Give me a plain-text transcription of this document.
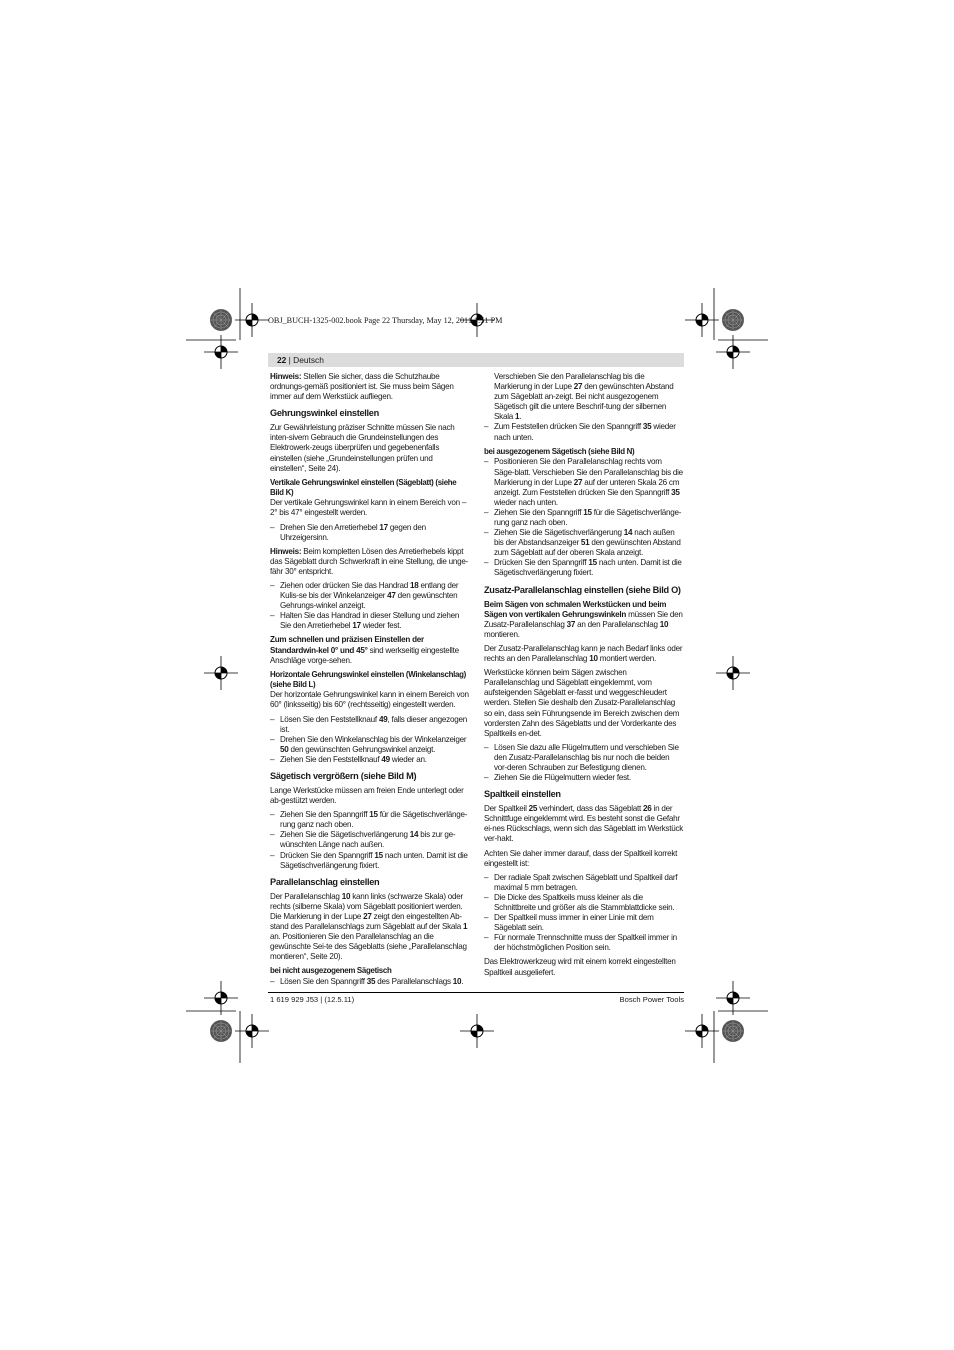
OBJ_BUCH-1325-002.book Page 22 Thursday, May 12, 2011 1:51 PM
22 | Deutsch

Hinweis: Stellen Sie sicher, dass die Schutzhaube ordnungs-gemäß positioniert ist. Sie muss beim Sägen immer auf dem Werkstück aufliegen.

Gehrungswinkel einstellen

Zur Gewährleistung präziser Schnitte müssen Sie nach inten-sivem Gebrauch die Grundeinstellungen des Elektrowerk-zeugs überprüfen und gegebenenfalls einstellen (siehe „Grundeinstellungen prüfen und einstellen“, Seite 24).

Vertikale Gehrungswinkel einstellen (Sägeblatt) (siehe Bild K)

Der vertikale Gehrungswinkel kann in einem Bereich von –2° bis 47° eingestellt werden.

– Drehen Sie den Arretierhebel 17 gegen den Uhrzeigersinn.

Hinweis: Beim kompletten Lösen des Arretierhebels kippt das Sägeblatt durch Schwerkraft in eine Stellung, die unge-fähr 30° entspricht.

– Ziehen oder drücken Sie das Handrad 18 entlang der Kulis-se bis der Winkelanzeiger 47 den gewünschten Gehrungs-winkel anzeigt.
– Halten Sie das Handrad in dieser Stellung und ziehen Sie den Arretierhebel 17 wieder fest.

Zum schnellen und präzisen Einstellen der Standardwin-kel 0° und 45° sind werkseitig eingestellte Anschläge vorge-sehen.

Horizontale Gehrungswinkel einstellen (Winkelanschlag) (siehe Bild L)

Der horizontale Gehrungswinkel kann in einem Bereich von 60° (linksseitig) bis 60° (rechtsseitig) eingestellt werden.

– Lösen Sie den Feststellknauf 49, falls dieser angezogen ist.
– Drehen Sie den Winkelanschlag bis der Winkelanzeiger 50 den gewünschten Gehrungswinkel anzeigt.
– Ziehen Sie den Feststellknauf 49 wieder an.
Sägetisch vergrößern (siehe Bild M)

Lange Werkstücke müssen am freien Ende unterlegt oder ab-gestützt werden.

– Ziehen Sie den Spanngriff 15 für die Sägetischverlänge-rung ganz nach oben.
– Ziehen Sie die Sägetischverlängerung 14 bis zur ge-wünschten Länge nach außen.
– Drücken Sie den Spanngriff 15 nach unten. Damit ist die Sägetischverlängerung fixiert.
Parallelanschlag einstellen

Der Parallelanschlag 10 kann links (schwarze Skala) oder rechts (silberne Skala) vom Sägeblatt positioniert werden. Die Markierung in der Lupe 27 zeigt den eingestellten Ab-stand des Parallelanschlags zum Sägeblatt auf der Skala 1 an. Positionieren Sie den Parallelanschlag an die gewünschte Sei-te des Sägeblatts (siehe „Parallelanschlag montieren“, Seite 20).

bei nicht ausgezogenem Sägetisch
– Lösen Sie den Spanngriff 35 des Parallelanschlags 10.
Verschieben Sie den Parallelanschlag bis die Markierung in der Lupe 27 den gewünschten Abstand zum Sägeblatt an-zeigt. Bei nicht ausgezogenem Sägetisch gilt die untere Beschrif-tung der silbernen Skala 1.
– Zum Feststellen drücken Sie den Spanngriff 35 wieder nach unten.
bei ausgezogenem Sägetisch (siehe Bild N)
– Positionieren Sie den Parallelanschlag rechts vom Säge-blatt. Verschieben Sie den Parallelanschlag bis die Markierung in der Lupe 27 auf der unteren Skala 26 cm anzeigt. Zum Feststellen drücken Sie den Spanngriff 35 wieder nach unten.
– Ziehen Sie den Spanngriff 15 für die Sägetischverlänge-rung ganz nach oben.
– Ziehen Sie die Sägetischverlängerung 14 nach außen bis der Abstandsanzeiger 51 den gewünschten Abstand zum Sägeblatt auf der oberen Skala anzeigt.
– Drücken Sie den Spanngriff 15 nach unten. Damit ist die Sägetischverlängerung fixiert.
Zusatz-Parallelanschlag einstellen (siehe Bild O)

Beim Sägen von schmalen Werkstücken und beim Sägen von vertikalen Gehrungswinkeln müssen Sie den Zusatz-Parallelanschlag 37 an den Parallelanschlag 10 montieren.

Der Zusatz-Parallelanschlag kann je nach Bedarf links oder rechts an den Parallelanschlag 10 montiert werden.

Werkstücke können beim Sägen zwischen Parallelanschlag und Sägeblatt eingeklemmt, vom aufsteigenden Sägeblatt er-fasst und weggeschleudert werden. Stellen Sie deshalb den Zusatz-Parallelanschlag so ein, dass sein Führungsende im Bereich zwischen dem vordersten Zahn des Sägeblatts und der Vorderkante des Spaltkeils en-det.

– Lösen Sie dazu alle Flügelmuttern und verschieben Sie den Zusatz-Parallelanschlag bis nur noch die beiden vor-deren Schrauben zur Befestigung dienen.
– Ziehen Sie die Flügelmuttern wieder fest.
Spaltkeil einstellen

Der Spaltkeil 25 verhindert, dass das Sägeblatt 26 in der Schnittfuge eingeklemmt wird. Es besteht sonst die Gefahr ei-nes Rückschlags, wenn sich das Sägeblatt im Werkstück ver-hakt.

Achten Sie daher immer darauf, dass der Spaltkeil korrekt eingestellt ist:

– Der radiale Spalt zwischen Sägeblatt und Spaltkeil darf maximal 5 mm betragen.
– Die Dicke des Spaltkeils muss kleiner als die Schnittbreite und größer als die Stammblattdicke sein.
– Der Spaltkeil muss immer in einer Linie mit dem Sägeblatt sein.
– Für normale Trennschnitte muss der Spaltkeil immer in der höchstmöglichen Position sein.

Das Elektrowerkzeug wird mit einem korrekt eingestellten Spaltkeil ausgeliefert.

1 619 929 J53 | (12.5.11)	Bosch Power Tools
